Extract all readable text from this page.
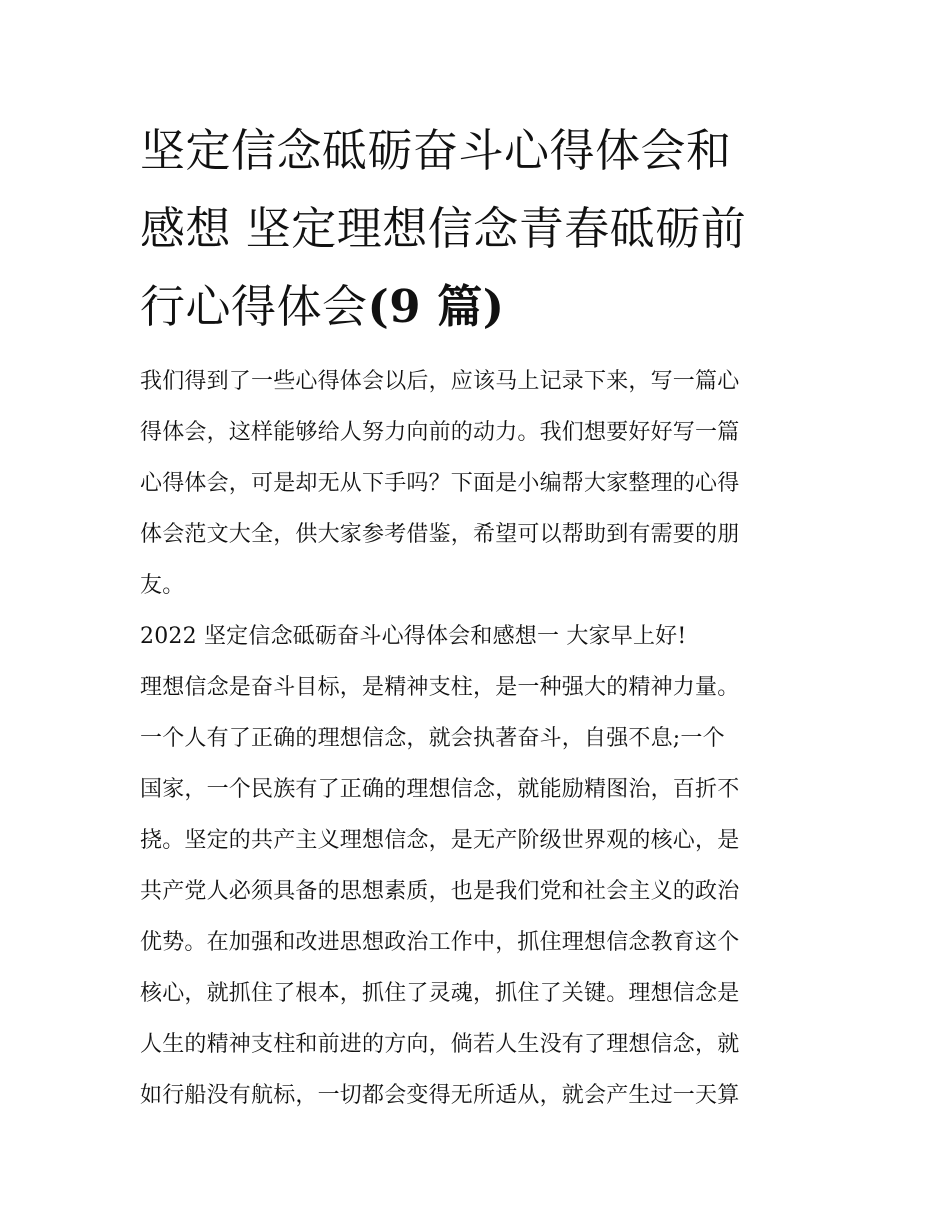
坚定信念砥砺奋斗心得体会和
感想 坚定理想信念青春砥砺前
行心得体会(9 篇)

我们得到了一些心得体会以后，应该马上记录下来，写一篇心
得体会，这样能够给人努力向前的动力。我们想要好好写一篇
心得体会，可是却无从下手吗？下面是小编帮大家整理的心得
体会范文大全，供大家参考借鉴，希望可以帮助到有需要的朋
友。

2022 坚定信念砥砺奋斗心得体会和感想一 大家早上好!

理想信念是奋斗目标，是精神支柱，是一种强大的精神力量。
一个人有了正确的理想信念，就会执著奋斗，自强不息;一个
国家，一个民族有了正确的理想信念，就能励精图治，百折不
挠。坚定的共产主义理想信念，是无产阶级世界观的核心，是
共产党人必须具备的思想素质，也是我们党和社会主义的政治
优势。在加强和改进思想政治工作中，抓住理想信念教育这个
核心，就抓住了根本，抓住了灵魂，抓住了关键。理想信念是
人生的精神支柱和前进的方向，倘若人生没有了理想信念，就
如行船没有航标，一切都会变得无所适从，就会产生过一天算
